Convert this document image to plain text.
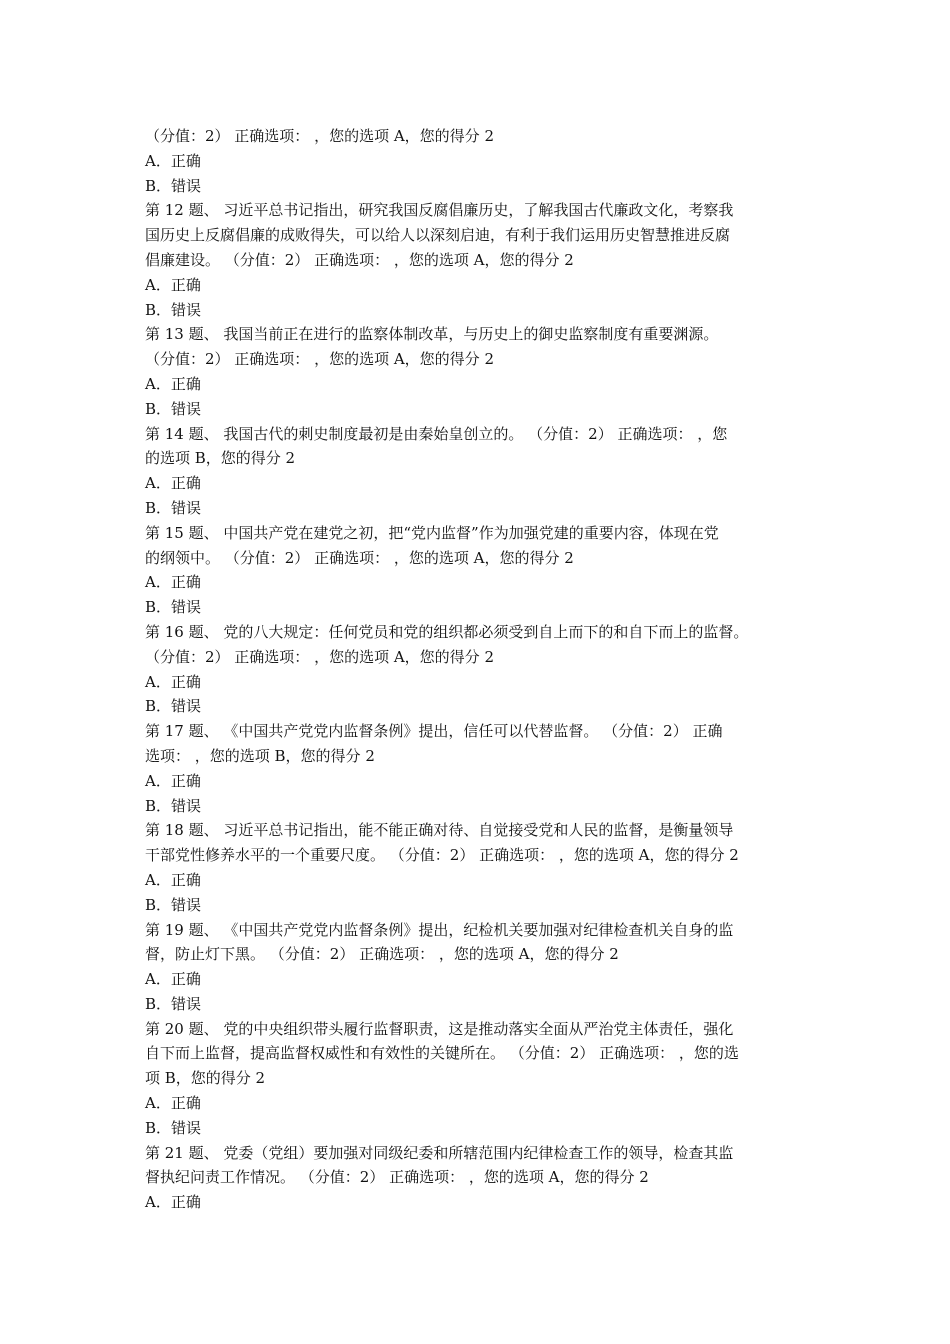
（分值：2） 正确选项： ，您的选项 A，您的得分 2
A．正确
B．错误
第 12 题、 习近平总书记指出，研究我国反腐倡廉历史，了解我国古代廉政文化，考察我
国历史上反腐倡廉的成败得失，可以给人以深刻启迪，有利于我们运用历史智慧推进反腐
倡廉建设。 （分值：2） 正确选项： ，您的选项 A，您的得分 2
A．正确
B．错误
第 13 题、 我国当前正在进行的监察体制改革，与历史上的御史监察制度有重要渊源。
（分值：2） 正确选项： ，您的选项 A，您的得分 2
A．正确
B．错误
第 14 题、 我国古代的刺史制度最初是由秦始皇创立的。 （分值：2） 正确选项： ，您
的选项 B，您的得分 2
A．正确
B．错误
第 15 题、 中国共产党在建党之初，把“党内监督”作为加强党建的重要内容，体现在党
的纲领中。 （分值：2） 正确选项： ，您的选项 A，您的得分 2
A．正确
B．错误
第 16 题、 党的八大规定：任何党员和党的组织都必须受到自上而下的和自下而上的监督。
（分值：2） 正确选项： ，您的选项 A，您的得分 2
A．正确
B．错误
第 17 题、 《中国共产党党内监督条例》提出，信任可以代替监督。 （分值：2） 正确
选项： ，您的选项 B，您的得分 2
A．正确
B．错误
第 18 题、 习近平总书记指出，能不能正确对待、自觉接受党和人民的监督，是衡量领导
干部党性修养水平的一个重要尺度。 （分值：2） 正确选项： ，您的选项 A，您的得分 2
A．正确
B．错误
第 19 题、 《中国共产党党内监督条例》提出，纪检机关要加强对纪律检查机关自身的监
督，防止灯下黑。 （分值：2） 正确选项： ，您的选项 A，您的得分 2
A．正确
B．错误
第 20 题、 党的中央组织带头履行监督职责，这是推动落实全面从严治党主体责任，强化
自下而上监督，提高监督权威性和有效性的关键所在。 （分值：2） 正确选项： ，您的选
项 B，您的得分 2
A．正确
B．错误
第 21 题、 党委（党组）要加强对同级纪委和所辖范围内纪律检查工作的领导，检查其监
督执纪问责工作情况。 （分值：2） 正确选项： ，您的选项 A，您的得分 2
A．正确
